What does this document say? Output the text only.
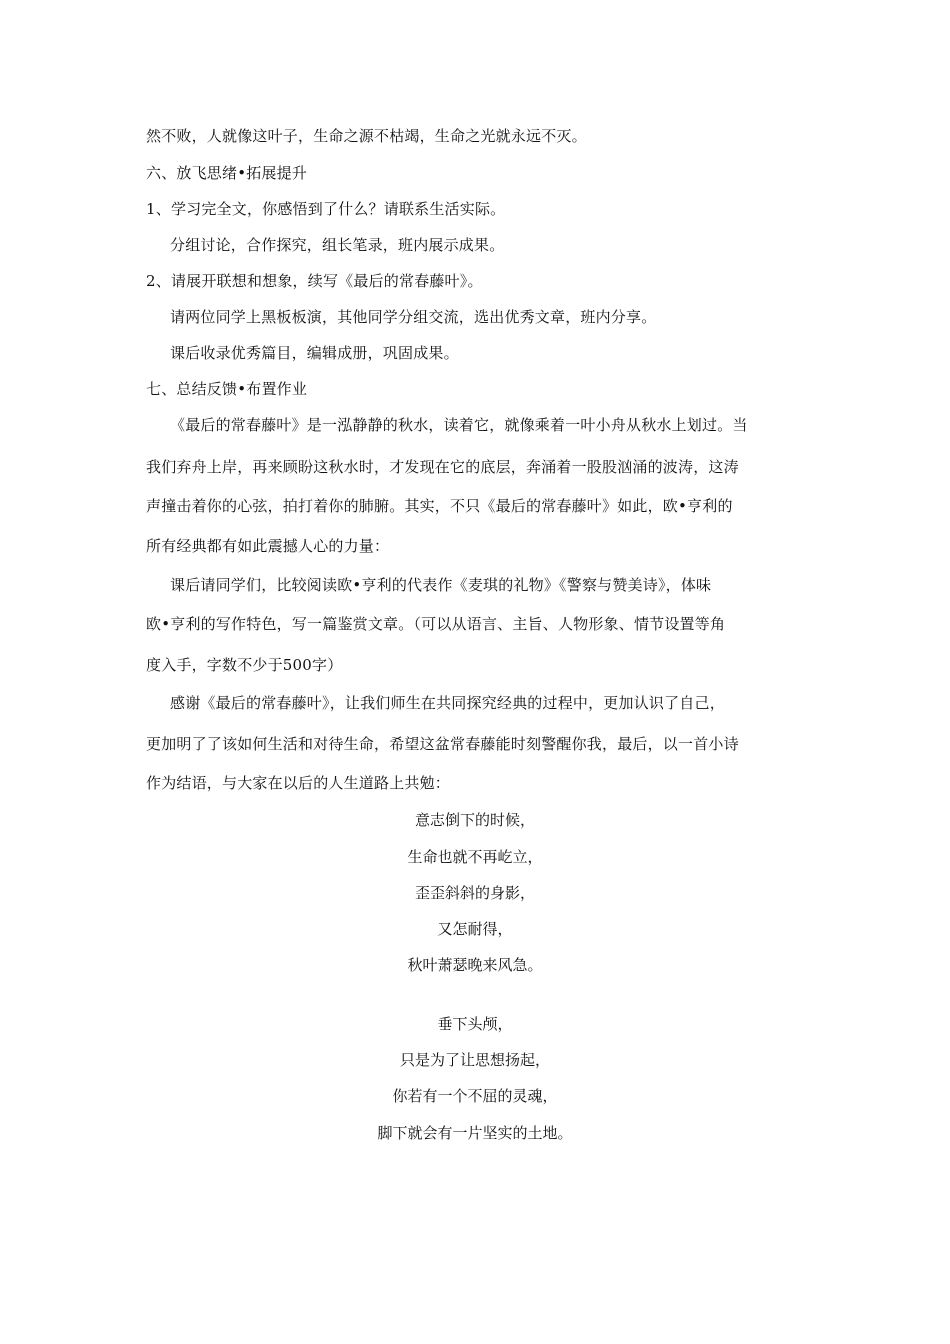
然不败，人就像这叶子，生命之源不枯竭，生命之光就永远不灭。
六、放飞思绪•拓展提升
1、学习完全文，你感悟到了什么？请联系生活实际。
分组讨论，合作探究，组长笔录，班内展示成果。
2、请展开联想和想象，续写《最后的常春藤叶》。
请两位同学上黑板板演，其他同学分组交流，选出优秀文章，班内分享。
课后收录优秀篇目，编辑成册，巩固成果。
七、总结反馈•布置作业
《最后的常春藤叶》是一泓静静的秋水，读着它，就像乘着一叶小舟从秋水上划过。当
我们弃舟上岸，再来顾盼这秋水时，才发现在它的底层，奔涌着一股股汹涌的波涛，这涛
声撞击着你的心弦，拍打着你的肺腑。其实，不只《最后的常春藤叶》如此，欧•亨利的
所有经典都有如此震撼人心的力量：
课后请同学们，比较阅读欧•亨利的代表作《麦琪的礼物》《警察与赞美诗》，体味
欧•亨利的写作特色，写一篇鉴赏文章。（可以从语言、主旨、人物形象、情节设置等角
度入手，字数不少于500字）
感谢《最后的常春藤叶》，让我们师生在共同探究经典的过程中，更加认识了自己，
更加明了了该如何生活和对待生命，希望这盆常春藤能时刻警醒你我，最后，以一首小诗
作为结语，与大家在以后的人生道路上共勉：
意志倒下的时候，
生命也就不再屹立，
歪歪斜斜的身影，
又怎耐得，
秋叶萧瑟晚来风急。
垂下头颅，
只是为了让思想扬起，
你若有一个不屈的灵魂，
脚下就会有一片坚实的土地。
